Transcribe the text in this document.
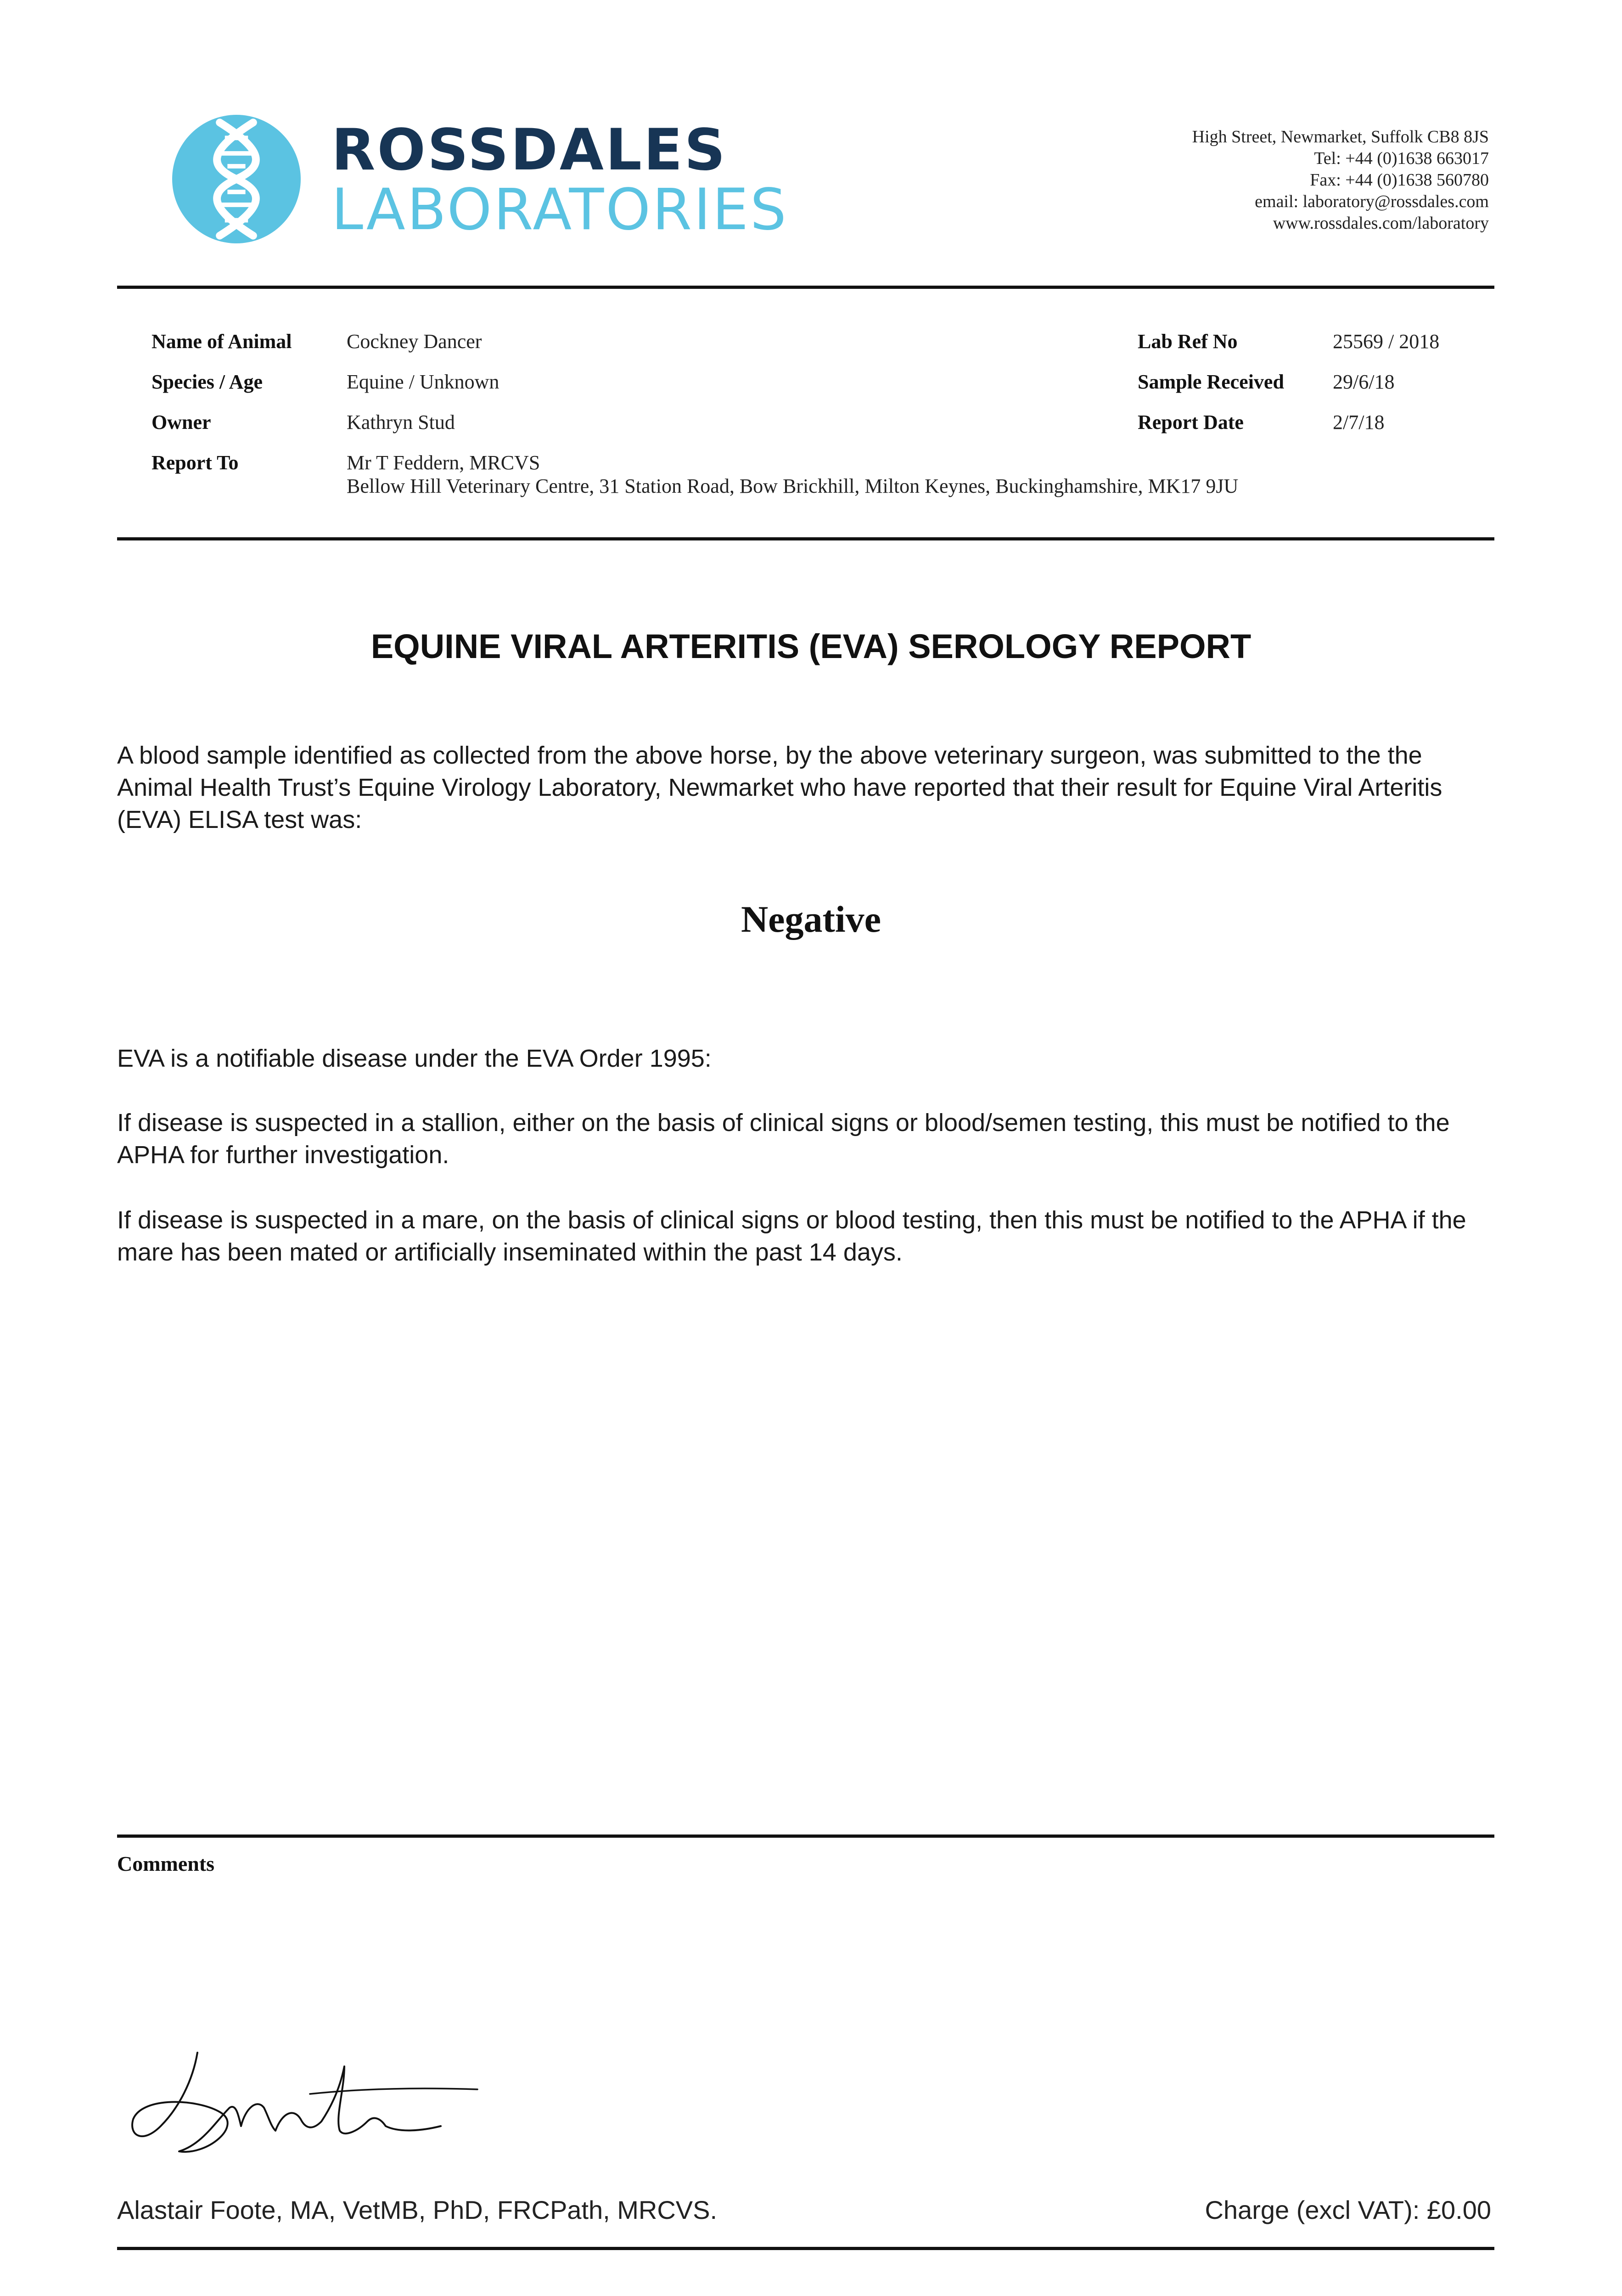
ROSSDALES
LABORATORIES
High Street, Newmarket, Suffolk CB8 8JS
Tel: +44 (0)1638 663017
Fax: +44 (0)1638 560780
email: laboratory@rossdales.com
www.rossdales.com/laboratory
Name of Animal	Cockney Dancer
Species / Age	Equine / Unknown
Owner	Kathryn Stud
Report To	Mr T Feddern, MRCVS
Bellow Hill Veterinary Centre, 31 Station Road, Bow Brickhill, Milton Keynes, Buckinghamshire, MK17 9JU
Lab Ref No	25569 / 2018
Sample Received 29/6/18
Report Date	2/7/18
EQUINE VIRAL ARTERITIS (EVA) SEROLOGY REPORT
A blood sample identified as collected from the above horse, by the above veterinary surgeon, was submitted to the the Animal Health Trust’s Equine Virology Laboratory, Newmarket who have reported that their result for Equine Viral Arteritis (EVA) ELISA test was:
Negative
EVA is a notifiable disease under the EVA Order 1995:
If disease is suspected in a stallion, either on the basis of clinical signs or blood/semen testing, this must be notified to the APHA for further investigation.
If disease is suspected in a mare, on the basis of clinical signs or blood testing, then this must be notified to the APHA if the mare has been mated or artificially inseminated within the past 14 days.
Comments
Alastair Foote, MA, VetMB, PhD, FRCPath, MRCVS.	Charge (excl VAT): £0.00
